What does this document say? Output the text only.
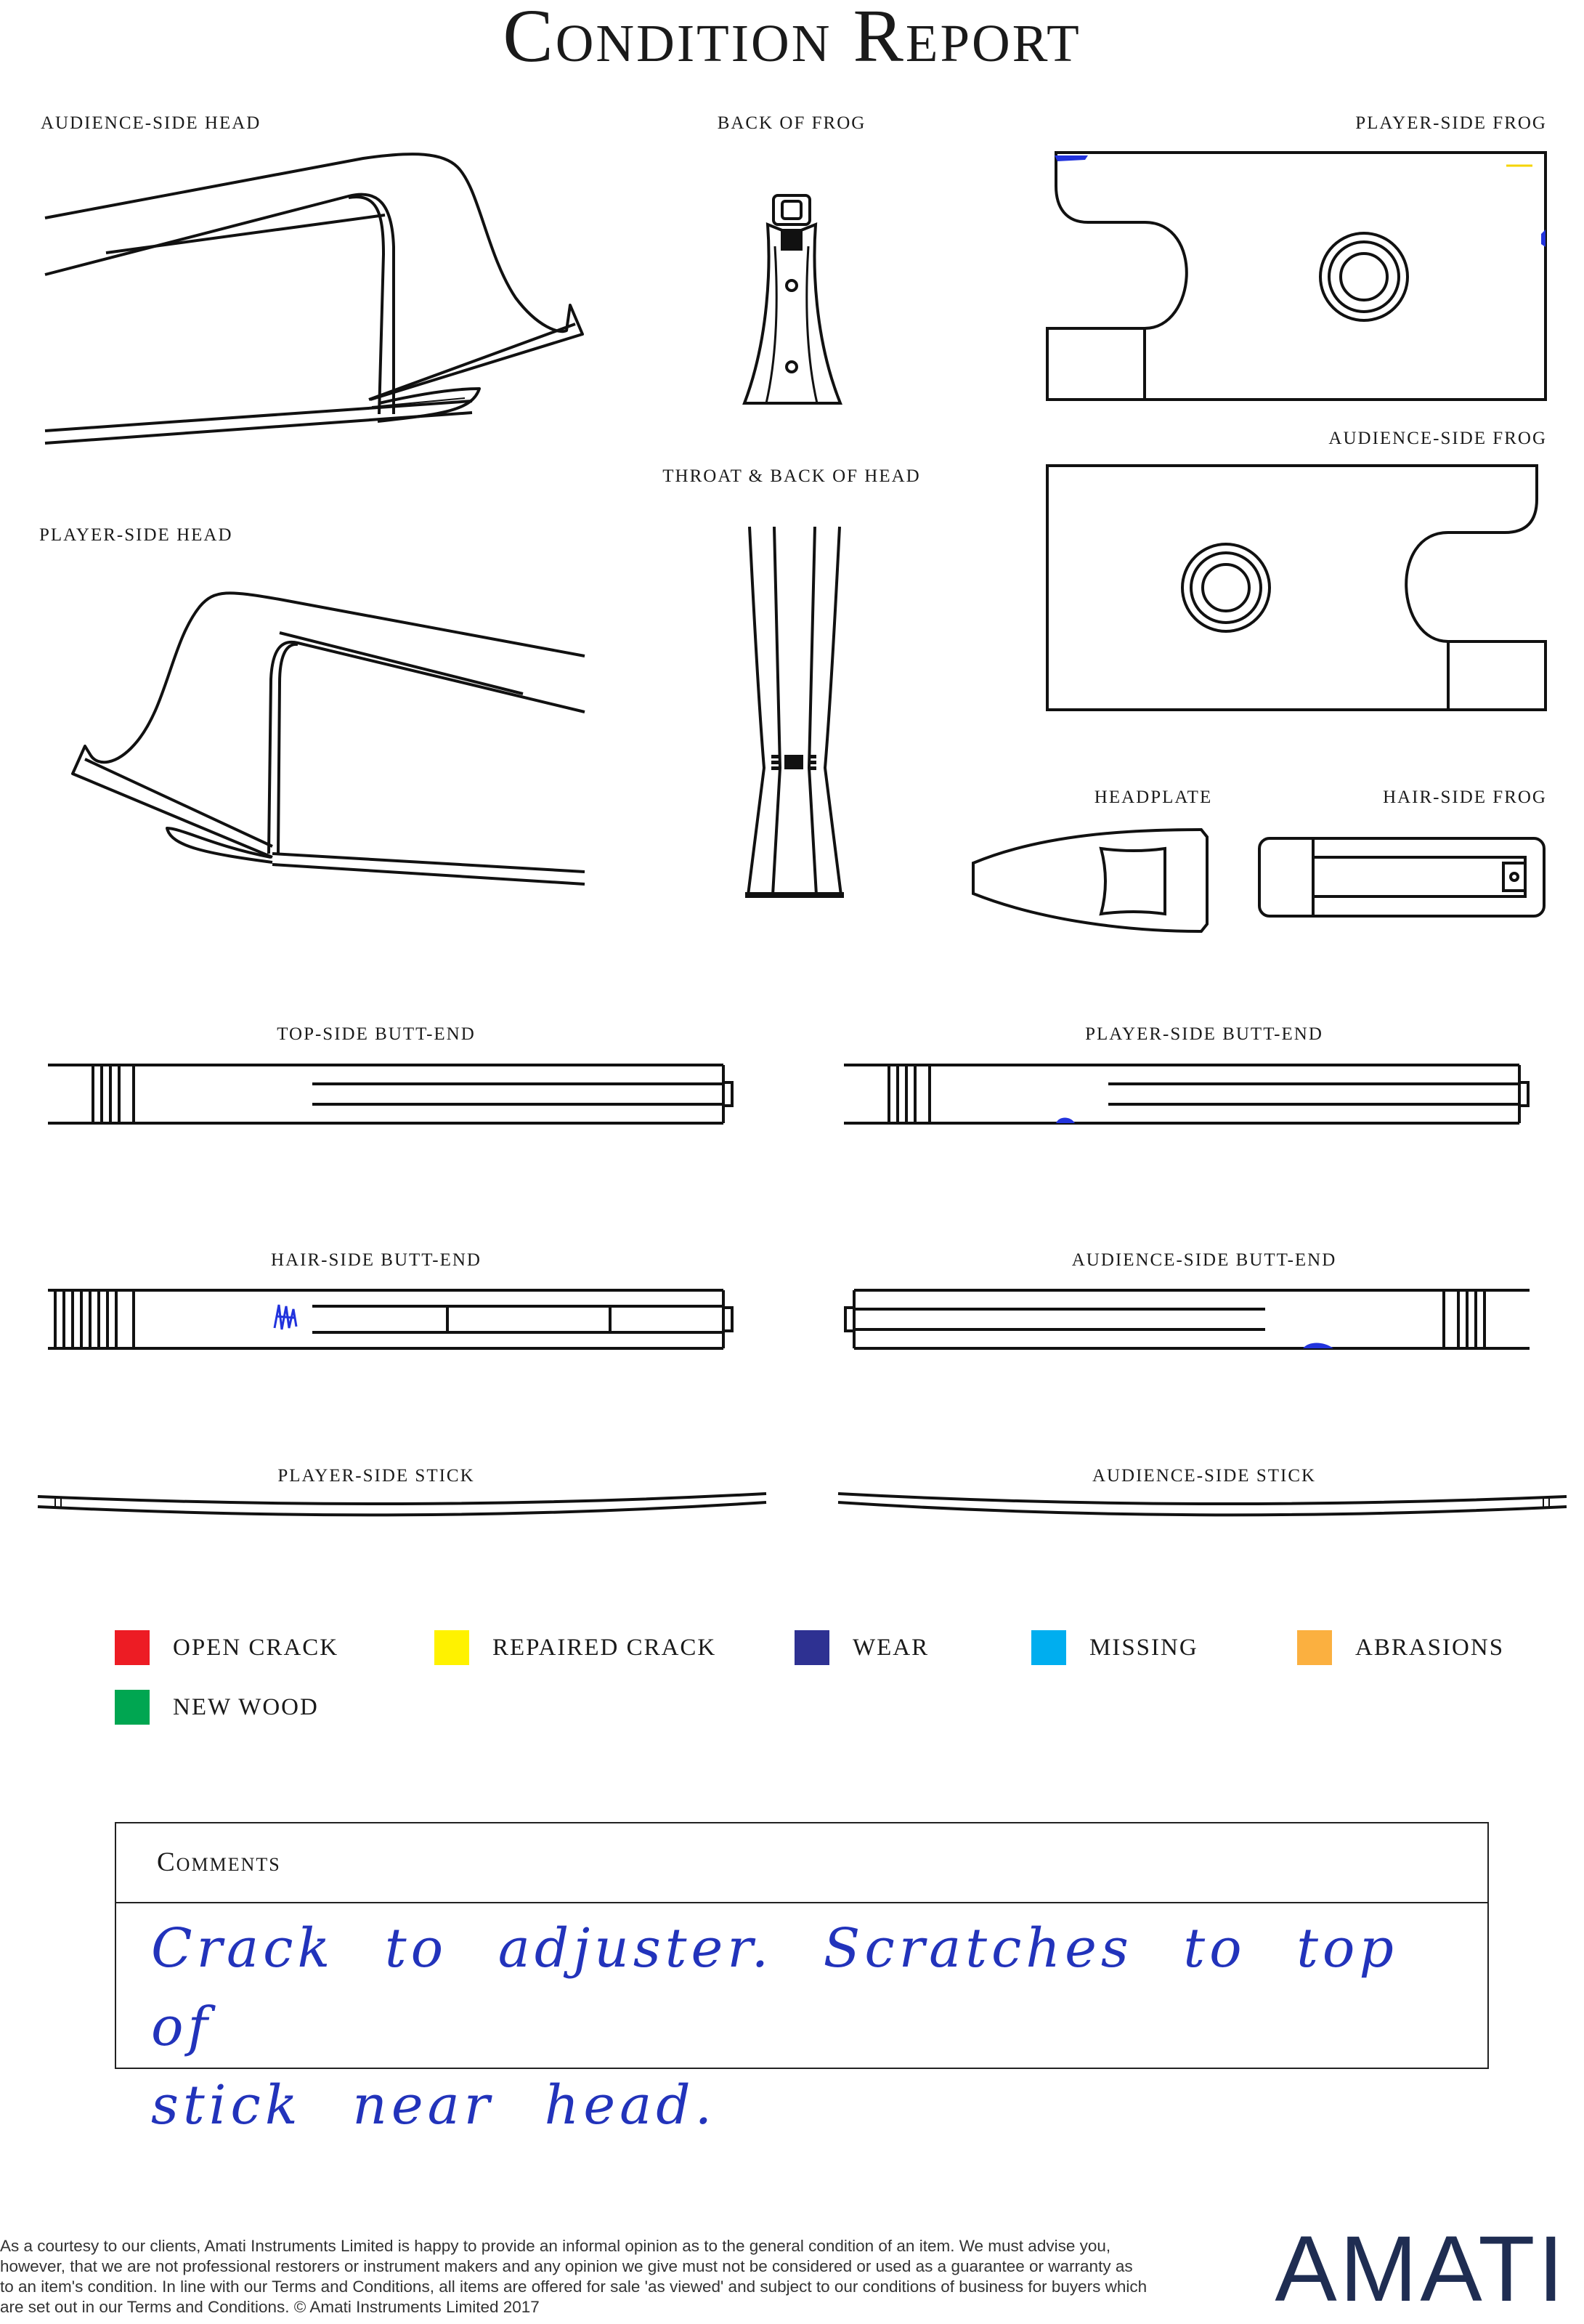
Condition Report
AUDIENCE-SIDE HEAD	BACK OF FROG	PLAYER-SIDE FROG
AUDIENCE-SIDE FROG
THROAT & BACK OF HEAD
PLAYER-SIDE HEAD
HEADPLATE	HAIR-SIDE FROG
TOP-SIDE BUTT-END	PLAYER-SIDE BUTT-END
HAIR-SIDE BUTT-END	AUDIENCE-SIDE BUTT-END
PLAYER-SIDE STICK	AUDIENCE-SIDE STICK
OPEN CRACK	REPAIRED CRACK	WEAR	MISSING	ABRASIONS
NEW WOOD
Comments
Crack to adjuster. Scratches to top of
stick near head.
As a courtesy to our clients, Amati Instruments Limited is happy to provide an informal opinion as to the general condition of an item. We must advise you, however, that we are not professional restorers or instrument makers and any opinion we give must not be considered or used as a guarantee or warranty as to an item's condition. In line with our Terms and Conditions, all items are offered for sale 'as viewed' and subject to our conditions of business for buyers which are set out in our Terms and Conditions. © Amati Instruments Limited 2017	AMATI
